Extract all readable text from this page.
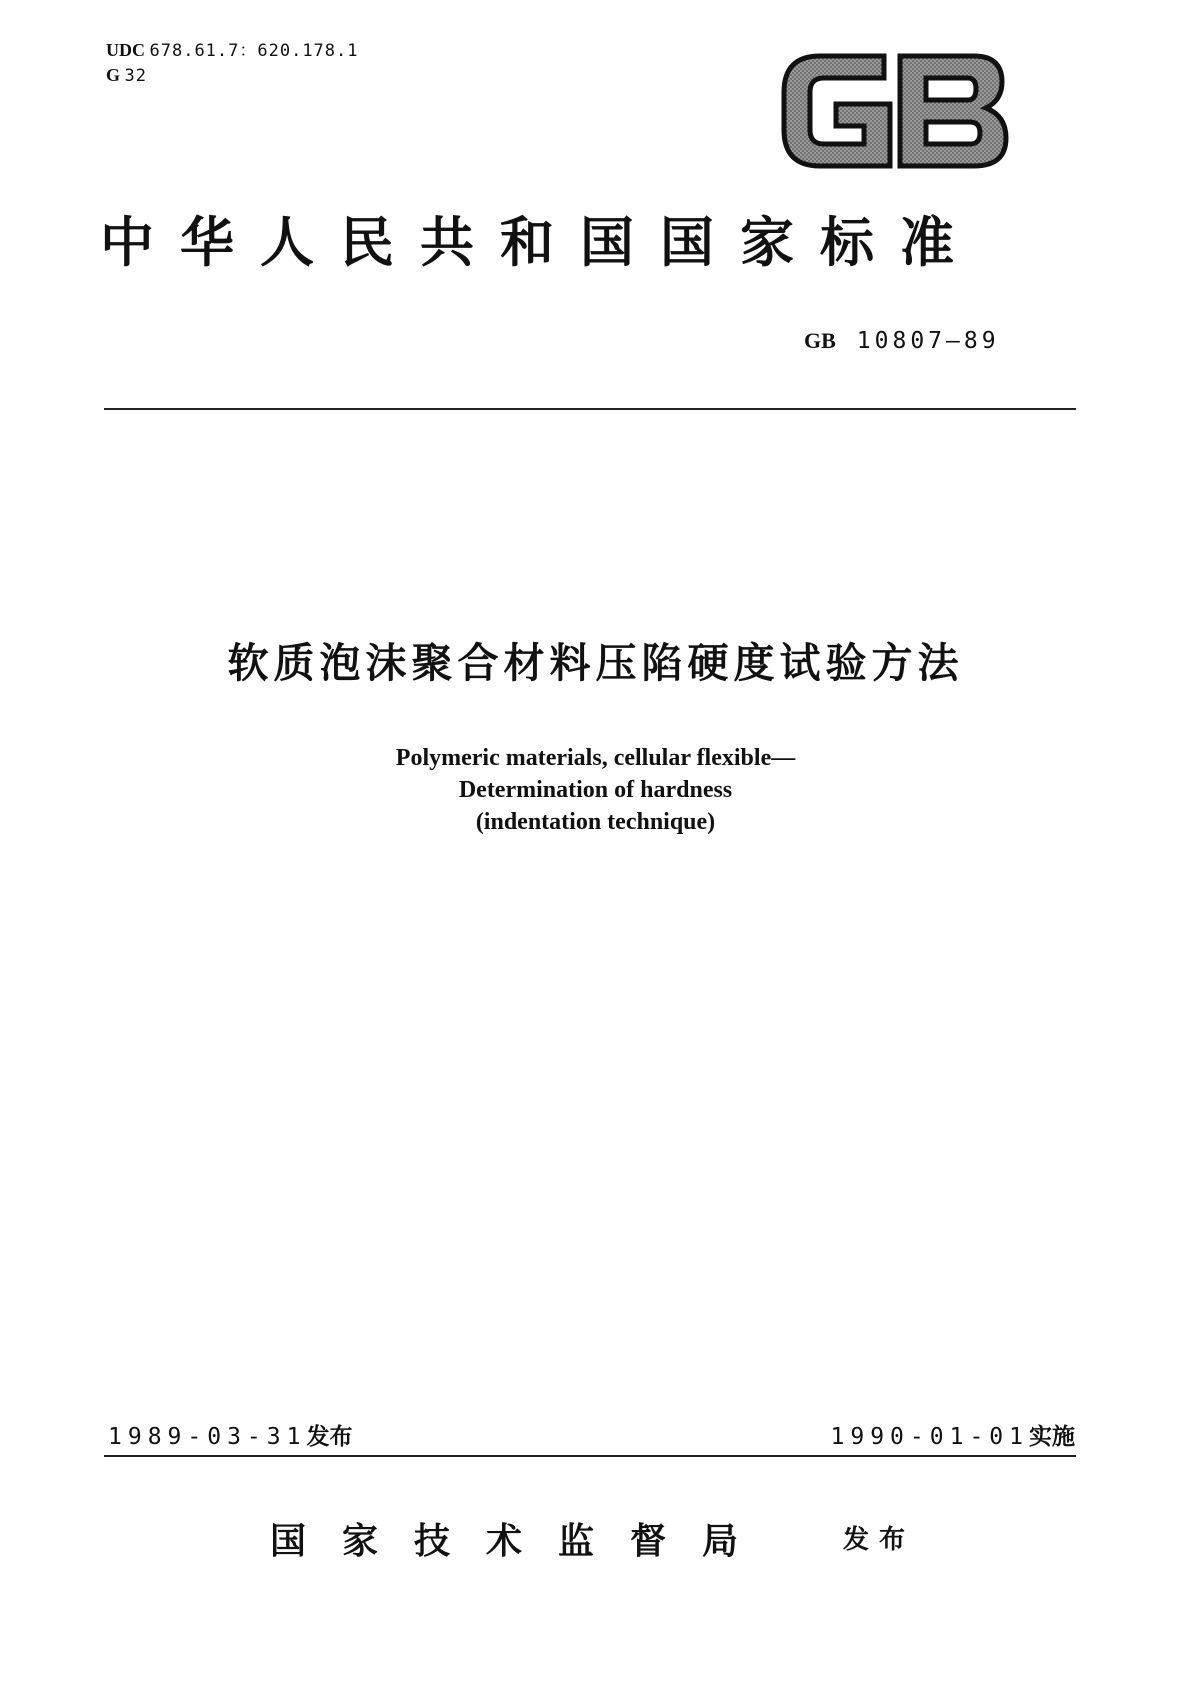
UDC 678.61.7：620.178.1
G 32
中华人民共和国国家标准
GB 10807—89
软质泡沫聚合材料压陷硬度试验方法
Polymeric materials, cellular flexible—
Determination of hardness
(indentation technique)
1989-03-31发布	1990-01-01实施
国家技术监督局	发布
